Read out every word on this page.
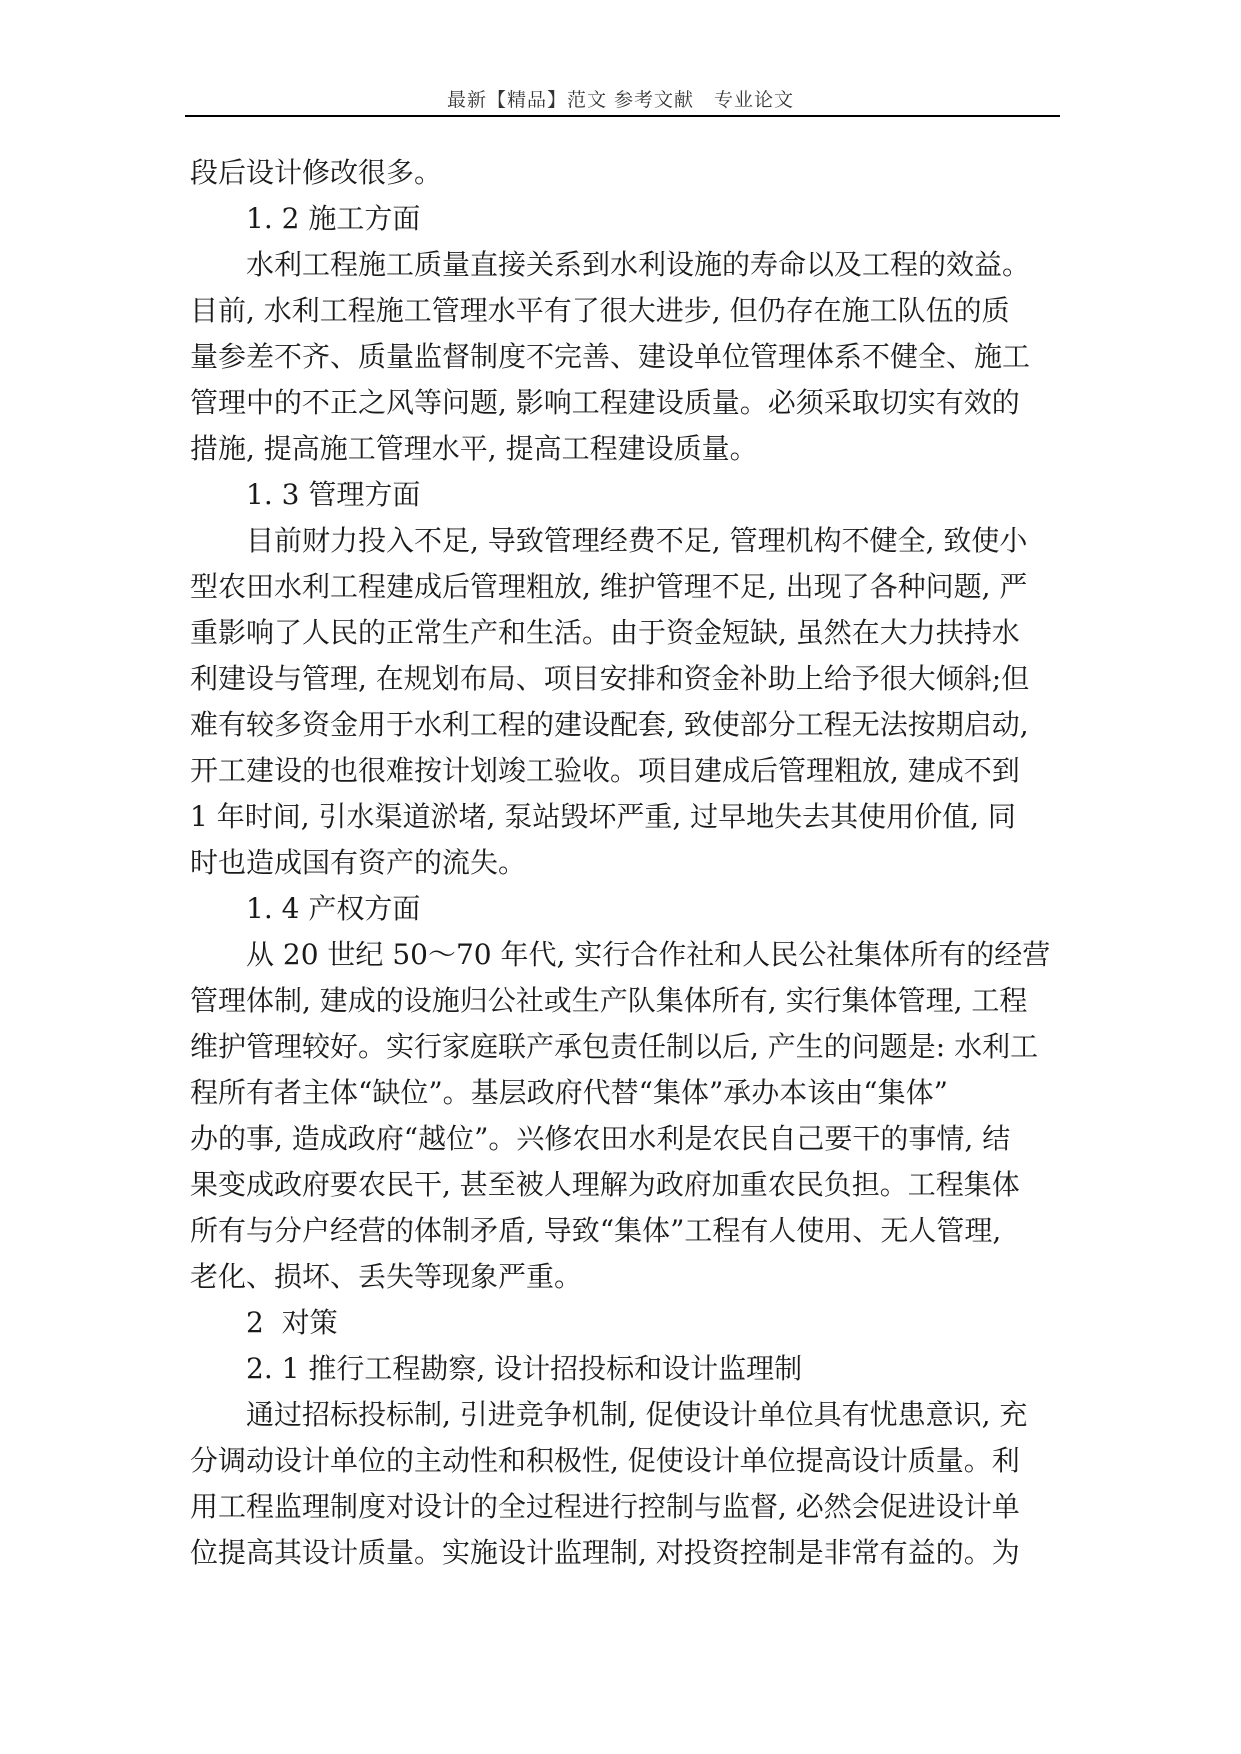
最新【精品】范文 参考文献　专业论文
段后设计修改很多。
1. 2 施工方面
水利工程施工质量直接关系到水利设施的寿命以及工程的效益。
目前, 水利工程施工管理水平有了很大进步, 但仍存在施工队伍的质
量参差不齐、质量监督制度不完善、建设单位管理体系不健全、施工
管理中的不正之风等问题, 影响工程建设质量。必须采取切实有效的
措施, 提高施工管理水平, 提高工程建设质量。
1. 3 管理方面
目前财力投入不足, 导致管理经费不足, 管理机构不健全, 致使小
型农田水利工程建成后管理粗放, 维护管理不足, 出现了各种问题, 严
重影响了人民的正常生产和生活。由于资金短缺, 虽然在大力扶持水
利建设与管理, 在规划布局、项目安排和资金补助上给予很大倾斜;但
难有较多资金用于水利工程的建设配套, 致使部分工程无法按期启动,
开工建设的也很难按计划竣工验收。项目建成后管理粗放, 建成不到
1 年时间, 引水渠道淤堵, 泵站毁坏严重, 过早地失去其使用价值, 同
时也造成国有资产的流失。
1. 4 产权方面
从 20 世纪 50～70 年代, 实行合作社和人民公社集体所有的经营
管理体制, 建成的设施归公社或生产队集体所有, 实行集体管理, 工程
维护管理较好。实行家庭联产承包责任制以后, 产生的问题是: 水利工
程所有者主体“缺位”。基层政府代替“集体”承办本该由“集体”
办的事, 造成政府“越位”。兴修农田水利是农民自己要干的事情, 结
果变成政府要农民干, 甚至被人理解为政府加重农民负担。工程集体
所有与分户经营的体制矛盾, 导致“集体”工程有人使用、无人管理,
老化、损坏、丢失等现象严重。
2  对策
2. 1 推行工程勘察, 设计招投标和设计监理制
通过招标投标制, 引进竞争机制, 促使设计单位具有忧患意识, 充
分调动设计单位的主动性和积极性, 促使设计单位提高设计质量。利
用工程监理制度对设计的全过程进行控制与监督, 必然会促进设计单
位提高其设计质量。实施设计监理制, 对投资控制是非常有益的。为
